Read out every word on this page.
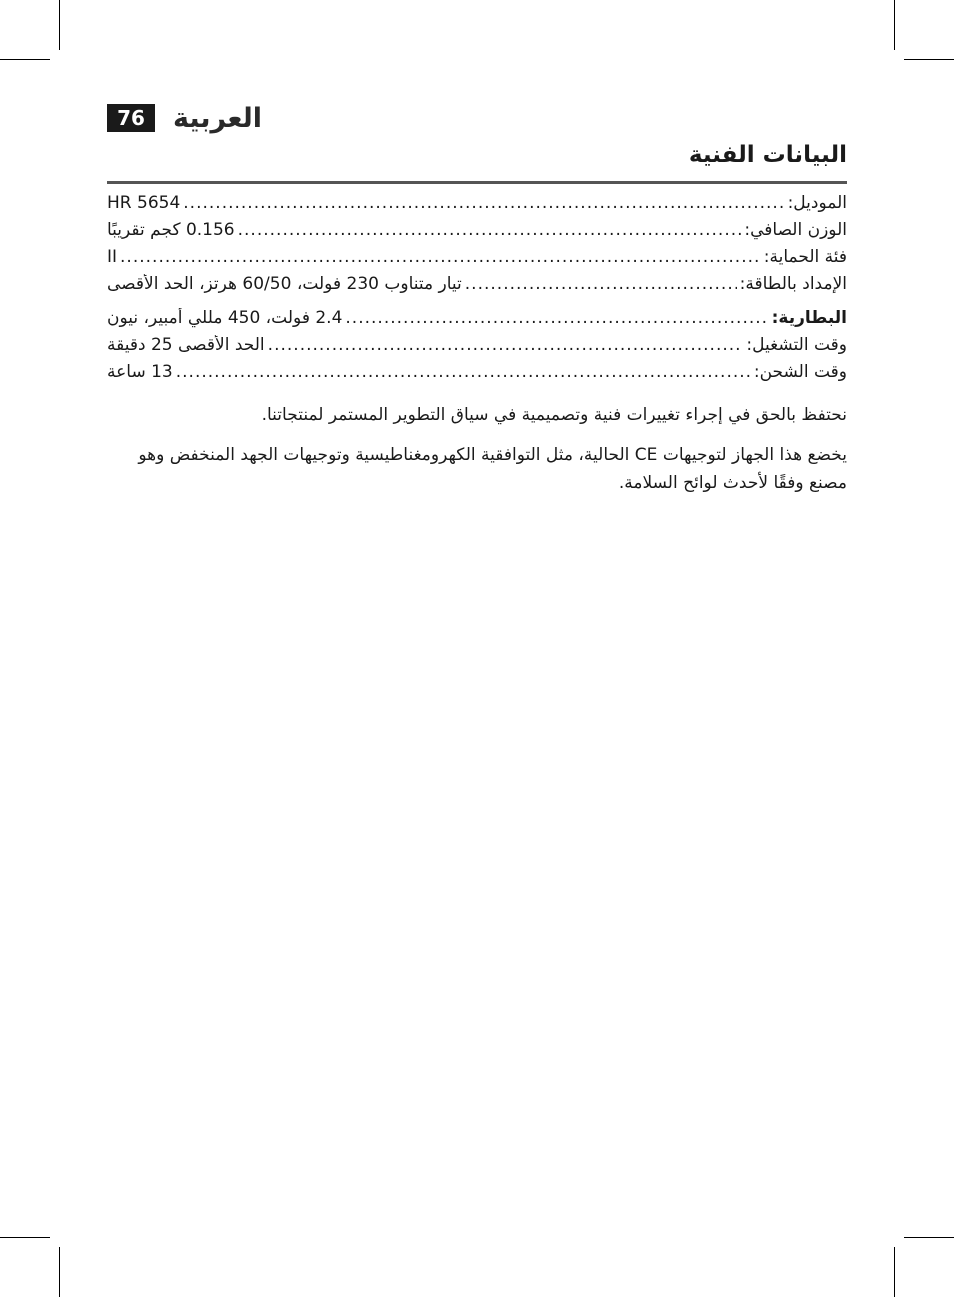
76	العربية
البيانات الفنية
الموديل:
.....
HR 5654
الوزن الصافي:
.....
0.156 كجم تقريبًا
فئة الحماية:
.....
II
الإمداد بالطاقة:
.....
تيار متناوب 230 فولت، 60/50 هرتز، الحد الأقصى
البطارية:
.....
2.4 فولت، 450 مللي أمبير، نيون
وقت التشغيل:
.....
الحد الأقصى 25 دقيقة
وقت الشحن:
.....
13 ساعة
نحتفظ بالحق في إجراء تغييرات فنية وتصميمية في سياق التطوير المستمر لمنتجاتنا.
يخضع هذا الجهاز لتوجيهات CE الحالية، مثل التوافقية الكهرومغناطيسية وتوجيهات الجهد المنخفض وهو مصنع وفقًا لأحدث لوائح السلامة.
